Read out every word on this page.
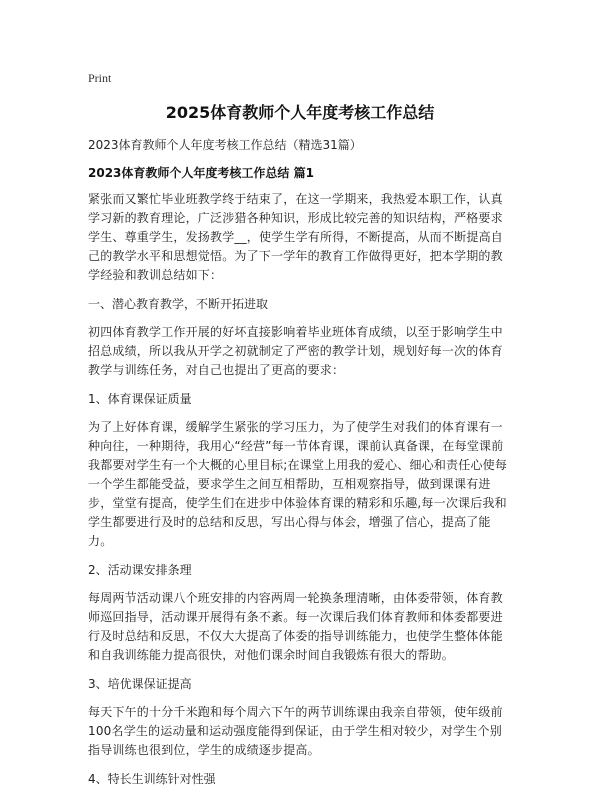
Print
2025体育教师个人年度考核工作总结
2023体育教师个人年度考核工作总结（精选31篇）
2023体育教师个人年度考核工作总结 篇1
紧张而又繁忙毕业班教学终于结束了，在这一学期来，我热爱本职工作，认真学习新的教育理论，广泛涉猎各种知识，形成比较完善的知识结构，严格要求学生、尊重学生，发扬教学__，使学生学有所得，不断提高，从而不断提高自己的教学水平和思想觉悟。为了下一学年的教育工作做得更好，把本学期的教学经验和教训总结如下：
一、潜心教育教学，不断开拓进取
初四体育教学工作开展的好坏直接影响着毕业班体育成绩，以至于影响学生中招总成绩，所以我从开学之初就制定了严密的教学计划，规划好每一次的体育教学与训练任务，对自己也提出了更高的要求：
1、体育课保证质量
为了上好体育课，缓解学生紧张的学习压力，为了使学生对我们的体育课有一种向往，一种期待，我用心“经营”每一节体育课，课前认真备课，在每堂课前我都要对学生有一个大概的心里目标;在课堂上用我的爱心、细心和责任心使每一个学生都能受益，要求学生之间互相帮助，互相观察指导，做到课课有进步，堂堂有提高，使学生们在进步中体验体育课的精彩和乐趣,每一次课后我和学生都要进行及时的总结和反思，写出心得与体会，增强了信心，提高了能力。
2、活动课安排条理
每周两节活动课八个班安排的内容两周一轮换条理清晰，由体委带领，体育教师巡回指导，活动课开展得有条不紊。每一次课后我们体育教师和体委都要进行及时总结和反思，不仅大大提高了体委的指导训练能力，也使学生整体体能和自我训练能力提高很快，对他们课余时间自我锻炼有很大的帮助。
3、培优课保证提高
每天下午的十分千米跑和每个周六下午的两节训练课由我亲自带领，使年级前100名学生的运动量和运动强度能得到保证，由于学生相对较少，对学生个别指导训练也很到位，学生的成绩逐步提高。
4、特长生训练针对性强
